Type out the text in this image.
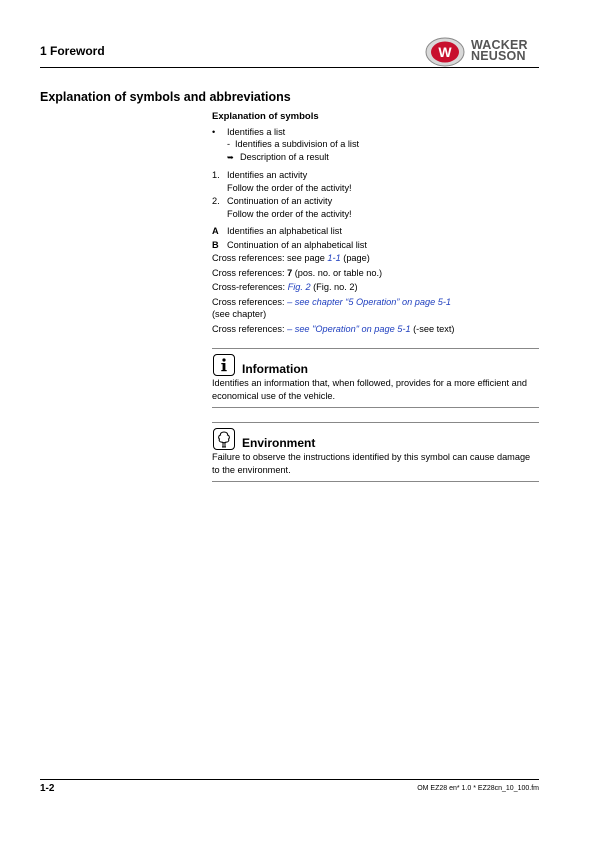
1 Foreword	W WACKER
NEUSON
Explanation of symbols and abbreviations
Explanation of symbols
• Identifies a list
- Identifies a subdivision of a list
➥ Description of a result
1. Identifies an activity
Follow the order of the activity!
2. Continuation of an activity
Follow the order of the activity!
A Identifies an alphabetical list
B Continuation of an alphabetical list
Cross references: see page 1-1 (page)
Cross references: 7 (pos. no. or table no.)
Cross-references: Fig. 2 (Fig. no. 2)
Cross references: – see chapter “5 Operation” on page 5-1
(see chapter)
Cross references: – see "Operation" on page 5-1 (-see text)
Information
Identifies an information that, when followed, provides for a more efficient and economical use of the vehicle.
Environment
Failure to observe the instructions identified by this symbol can cause damage to the environment.
1-2	OM EZ28 en* 1.0 * EZ28cn_10_100.fm
